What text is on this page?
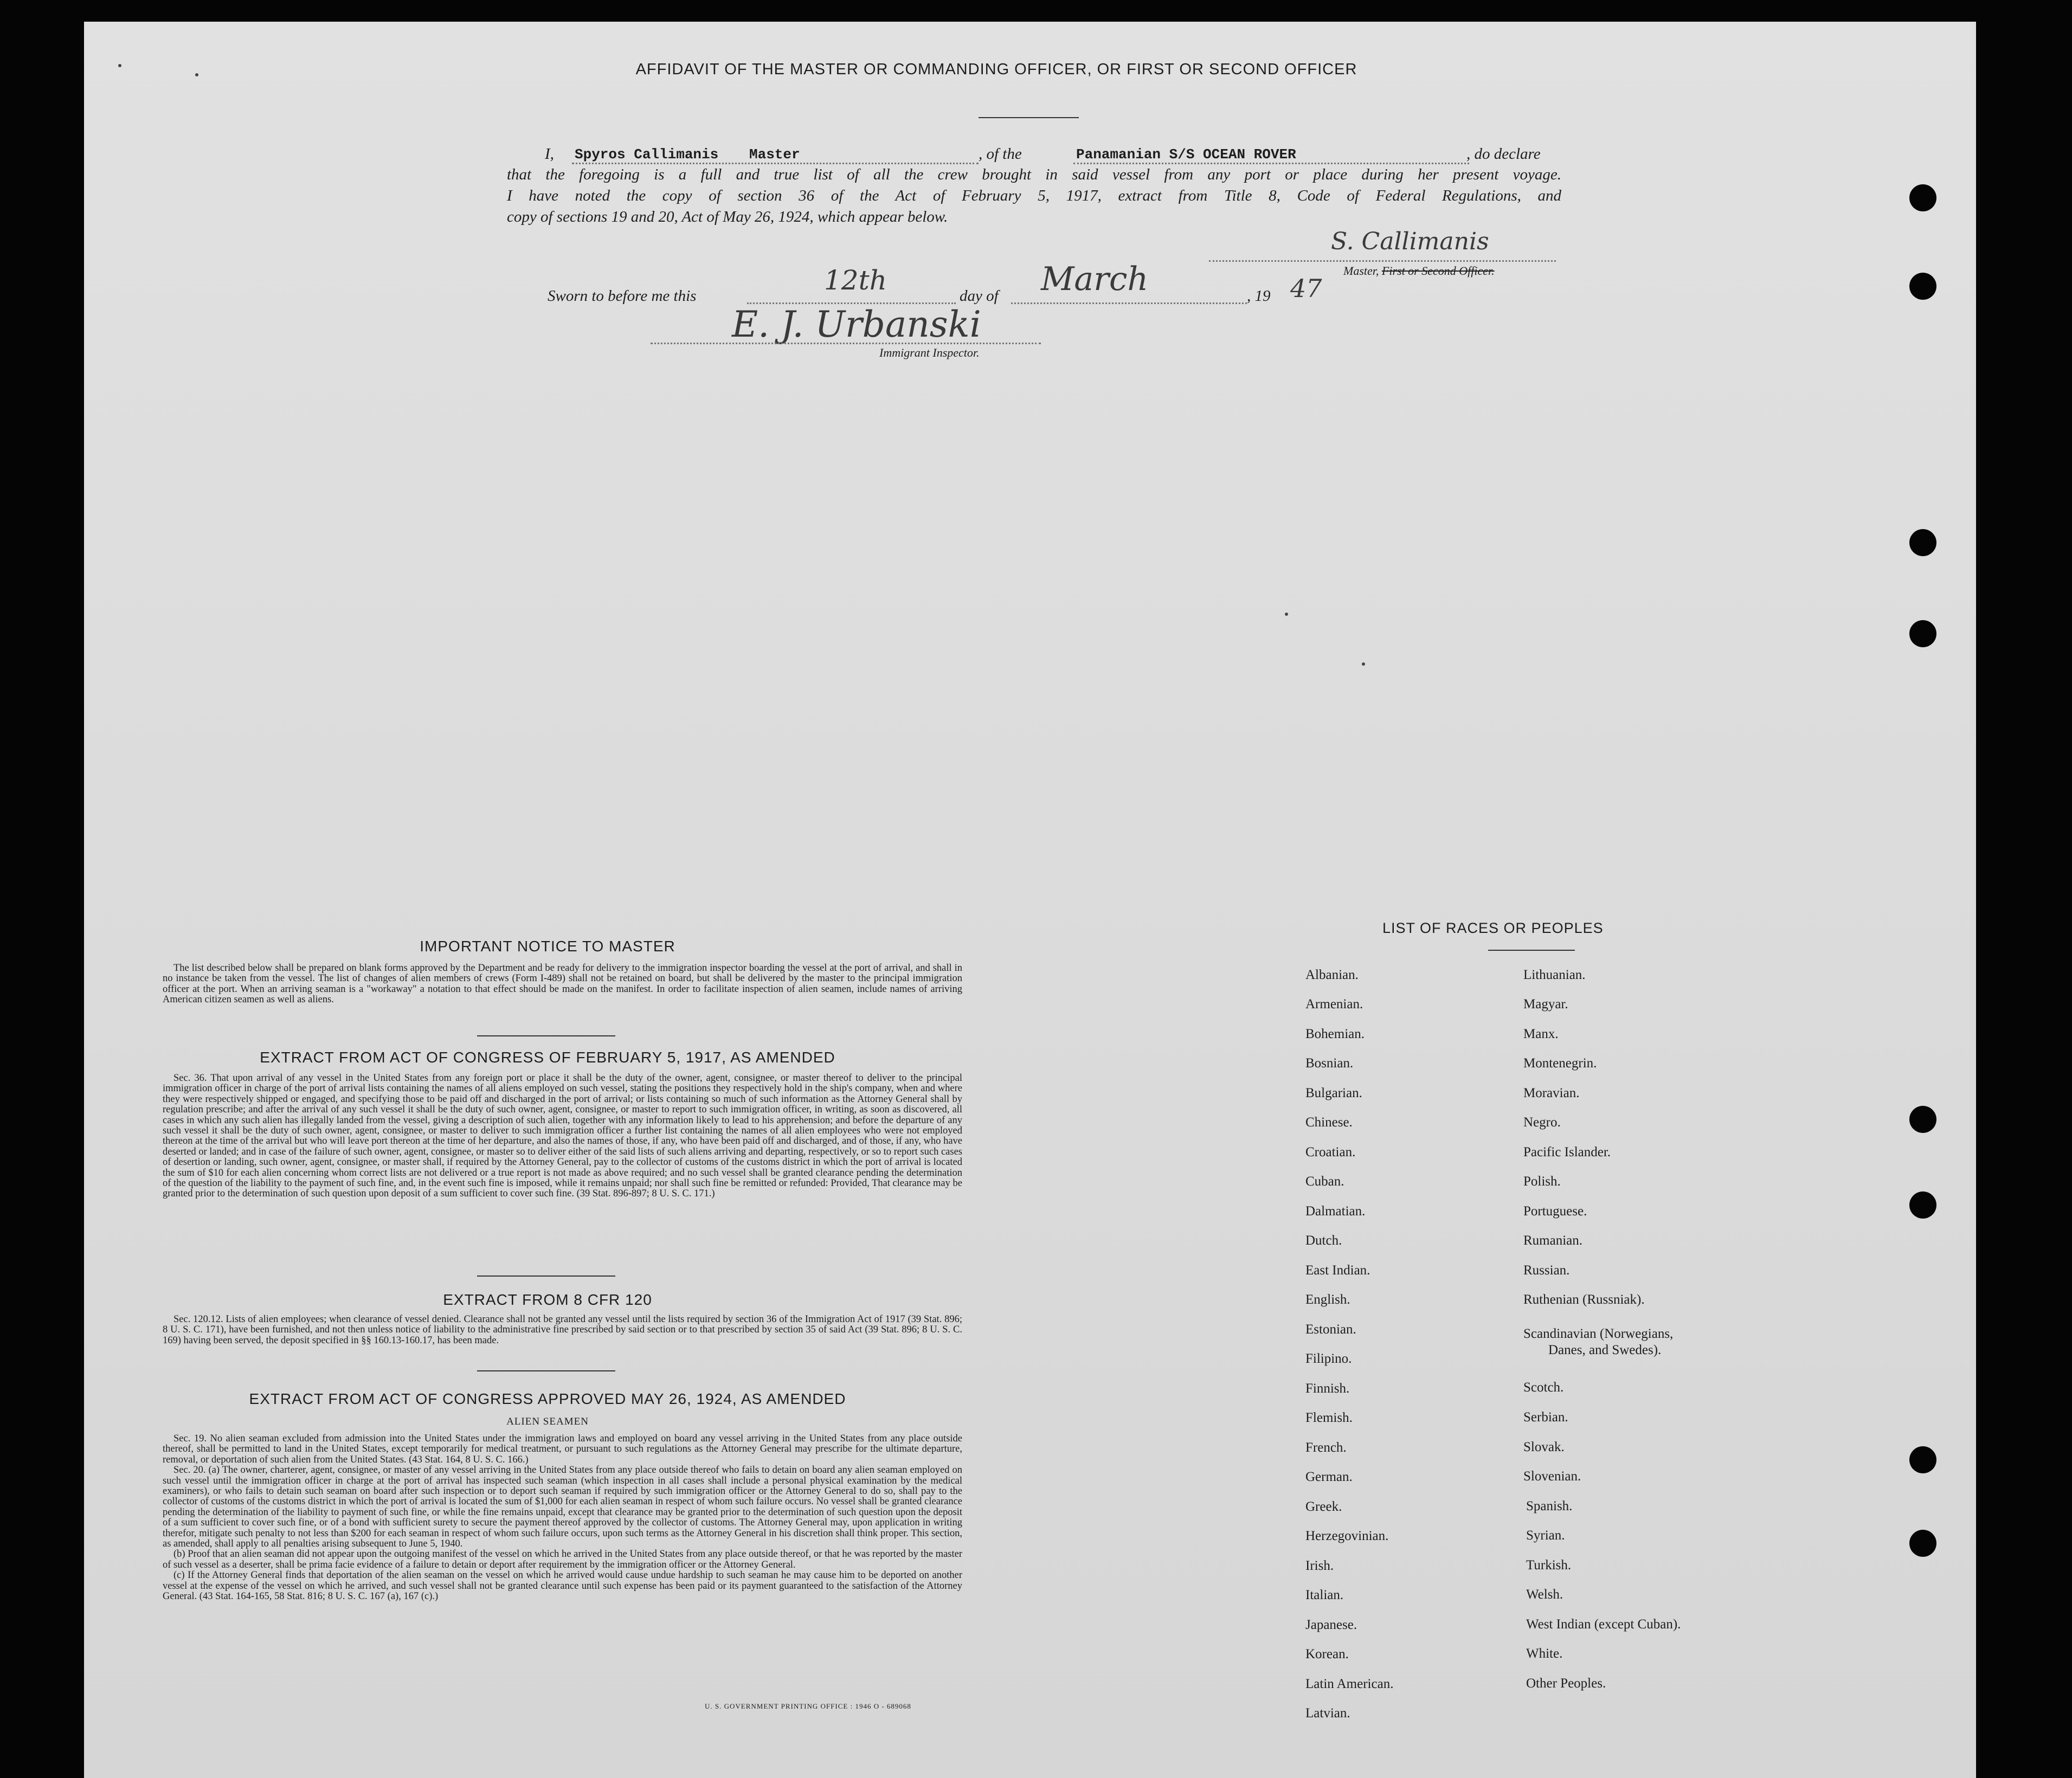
AFFIDAVIT OF THE MASTER OR COMMANDING OFFICER, OR FIRST OR SECOND OFFICER
I, Spyros Callimanis Master	, of the	Panamanian S/S OCEAN ROVER	, do declare
that the foregoing is a full and true list of all the crew brought in said vessel from any port or place during her present voyage.
I have noted the copy of section 36 of the Act of February 5, 1917, extract from Title 8, Code of Federal Regulations, and
copy of sections 19 and 20, Act of May 26, 1924, which appear below.
S. Callimanis
Master, First or Second Officer.
Sworn to before me this	12th	day of March	, 19 47
E. J. Urbanski
Immigrant Inspector.
IMPORTANT NOTICE TO MASTER

The list described below shall be prepared on blank forms approved by the Department and be ready for delivery to the immigration inspector boarding the vessel at the port of arrival, and shall in no instance be taken from the vessel. The list of changes of alien members of crews (Form I-489) shall not be retained on board, but shall be delivered by the master to the principal immigration officer at the port. When an arriving seaman is a "workaway" a notation to that effect should be made on the manifest. In order to facilitate inspection of alien seamen, include names of arriving American citizen seamen as well as aliens.

EXTRACT FROM ACT OF CONGRESS OF FEBRUARY 5, 1917, AS AMENDED

Sec. 36. That upon arrival of any vessel in the United States from any foreign port or place it shall be the duty of the owner, agent, consignee, or master thereof to deliver to the principal immigration officer in charge of the port of arrival lists containing the names of all aliens employed on such vessel, stating the positions they respectively hold in the ship's company, when and where they were respectively shipped or engaged, and specifying those to be paid off and discharged in the port of arrival; or lists containing so much of such information as the Attorney General shall by regulation prescribe; and after the arrival of any such vessel it shall be the duty of such owner, agent, consignee, or master to report to such immigration officer, in writing, as soon as discovered, all cases in which any such alien has illegally landed from the vessel, giving a description of such alien, together with any information likely to lead to his apprehension; and before the departure of any such vessel it shall be the duty of such owner, agent, consignee, or master to deliver to such immigration officer a further list containing the names of all alien employees who were not employed thereon at the time of the arrival but who will leave port thereon at the time of her departure, and also the names of those, if any, who have been paid off and discharged, and of those, if any, who have deserted or landed; and in case of the failure of such owner, agent, consignee, or master so to deliver either of the said lists of such aliens arriving and departing, respectively, or so to report such cases of desertion or landing, such owner, agent, consignee, or master shall, if required by the Attorney General, pay to the collector of customs of the customs district in which the port of arrival is located the sum of $10 for each alien concerning whom correct lists are not delivered or a true report is not made as above required; and no such vessel shall be granted clearance pending the determination of the question of the liability to the payment of such fine, and, in the event such fine is imposed, while it remains unpaid; nor shall such fine be remitted or refunded: Provided, That clearance may be granted prior to the determination of such question upon deposit of a sum sufficient to cover such fine. (39 Stat. 896-897; 8 U. S. C. 171.)

EXTRACT FROM 8 CFR 120

Sec. 120.12. Lists of alien employees; when clearance of vessel denied. Clearance shall not be granted any vessel until the lists required by section 36 of the Immigration Act of 1917 (39 Stat. 896; 8 U. S. C. 171), have been furnished, and not then unless notice of liability to the administrative fine prescribed by said section or to that prescribed by section 35 of said Act (39 Stat. 896; 8 U. S. C. 169) having been served, the deposit specified in §§ 160.13-160.17, has been made.

EXTRACT FROM ACT OF CONGRESS APPROVED MAY 26, 1924, AS AMENDED
ALIEN SEAMEN

Sec. 19. No alien seaman excluded from admission into the United States under the immigration laws and employed on board any vessel arriving in the United States from any place outside thereof, shall be permitted to land in the United States, except temporarily for medical treatment, or pursuant to such regulations as the Attorney General may prescribe for the ultimate departure, removal, or deportation of such alien from the United States. (43 Stat. 164, 8 U. S. C. 166.)

Sec. 20. (a) The owner, charterer, agent, consignee, or master of any vessel arriving in the United States from any place outside thereof who fails to detain on board any alien seaman employed on such vessel until the immigration officer in charge at the port of arrival has inspected such seaman (which inspection in all cases shall include a personal physical examination by the medical examiners), or who fails to detain such seaman on board after such inspection or to deport such seaman if required by such immigration officer or the Attorney General to do so, shall pay to the collector of customs of the customs district in which the port of arrival is located the sum of $1,000 for each alien seaman in respect of whom such failure occurs. No vessel shall be granted clearance pending the determination of the liability to payment of such fine, or while the fine remains unpaid, except that clearance may be granted prior to the determination of such question upon the deposit of a sum sufficient to cover such fine, or of a bond with sufficient surety to secure the payment thereof approved by the collector of customs. The Attorney General may, upon application in writing therefor, mitigate such penalty to not less than $200 for each seaman in respect of whom such failure occurs, upon such terms as the Attorney General in his discretion shall think proper. This section, as amended, shall apply to all penalties arising subsequent to June 5, 1940.

(b) Proof that an alien seaman did not appear upon the outgoing manifest of the vessel on which he arrived in the United States from any place outside thereof, or that he was reported by the master of such vessel as a deserter, shall be prima facie evidence of a failure to detain or deport after requirement by the immigration officer or the Attorney General.

(c) If the Attorney General finds that deportation of the alien seaman on the vessel on which he arrived would cause undue hardship to such seaman he may cause him to be deported on another vessel at the expense of the vessel on which he arrived, and such vessel shall not be granted clearance until such expense has been paid or its payment guaranteed to the satisfaction of the Attorney General. (43 Stat. 164-165, 58 Stat. 816; 8 U. S. C. 167 (a), 167 (c).)

U. S. GOVERNMENT PRINTING OFFICE : 1946 O - 689068
LIST OF RACES OR PEOPLES
Albanian.
Armenian.
Bohemian.
Bosnian.
Bulgarian.
Chinese.
Croatian.
Cuban.
Dalmatian.
Dutch.
East Indian.
English.
Estonian.
Filipino.
Finnish.
Flemish.
French.
German.
Greek.
Herzegovinian.
Irish.
Italian.
Japanese.
Korean.
Latin American.
Latvian.
Lithuanian.
Magyar.
Manx.
Montenegrin.
Moravian.
Negro.
Pacific Islander.
Polish.
Portuguese.
Rumanian.
Russian.
Ruthenian (Russniak).
Scandinavian (Norwegians,
Danes, and Swedes).
Scotch.
Serbian.
Slovak.
Slovenian.
Spanish.
Syrian.
Turkish.
Welsh.
West Indian (except Cuban).
White.
Other Peoples.
